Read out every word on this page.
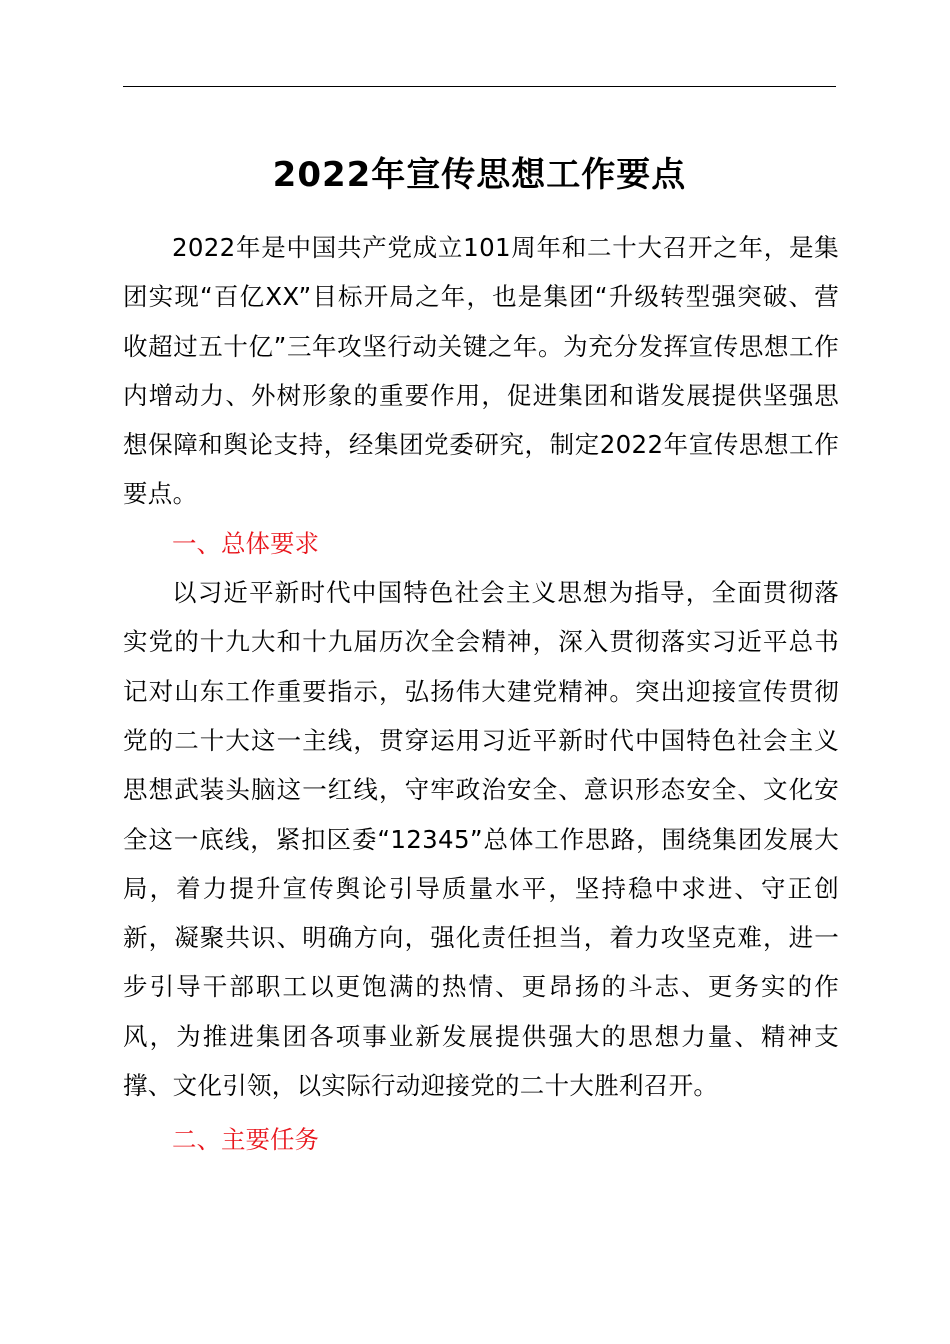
2022年宣传思想工作要点

2022年是中国共产党成立101周年和二十大召开之年，是集团实现“百亿XX”目标开局之年，也是集团“升级转型强突破、营收超过五十亿”三年攻坚行动关键之年。为充分发挥宣传思想工作内增动力、外树形象的重要作用，促进集团和谐发展提供坚强思想保障和舆论支持，经集团党委研究，制定2022年宣传思想工作要点。

一、总体要求

以习近平新时代中国特色社会主义思想为指导，全面贯彻落实党的十九大和十九届历次全会精神，深入贯彻落实习近平总书记对山东工作重要指示，弘扬伟大建党精神。突出迎接宣传贯彻党的二十大这一主线，贯穿运用习近平新时代中国特色社会主义思想武装头脑这一红线，守牢政治安全、意识形态安全、文化安全这一底线，紧扣区委“12345”总体工作思路，围绕集团发展大局，着力提升宣传舆论引导质量水平，坚持稳中求进、守正创新，凝聚共识、明确方向，强化责任担当，着力攻坚克难，进一步引导干部职工以更饱满的热情、更昂扬的斗志、更务实的作风，为推进集团各项事业新发展提供强大的思想力量、精神支撑、文化引领，以实际行动迎接党的二十大胜利召开。

二、主要任务
